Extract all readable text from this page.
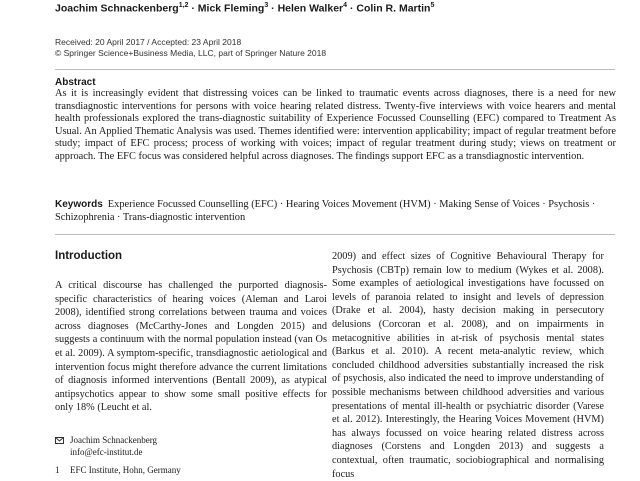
Joachim Schnackenberg$^{1,2}$ · Mick Fleming$^3$ · Helen Walker$^4$ · Colin R. Martin$^5$
Received: 20 April 2017 / Accepted: 23 April 2018
© Springer Science+Business Media, LLC, part of Springer Nature 2018
Abstract
As it is increasingly evident that distressing voices can be linked to traumatic events across diagnoses, there is a need for new transdiagnostic interventions for persons with voice hearing related distress. Twenty-five interviews with voice hearers and mental health professionals explored the trans-diagnostic suitability of Experience Focussed Counselling (EFC) compared to Treatment As Usual. An Applied Thematic Analysis was used. Themes identified were: intervention applicability; impact of regular treatment before study; impact of EFC process; process of working with voices; impact of regular treatment during study; views on treatment or approach. The EFC focus was considered helpful across diagnoses. The findings support EFC as a transdiagnostic intervention.
Keywords Experience Focussed Counselling (EFC) · Hearing Voices Movement (HVM) · Making Sense of Voices · Psychosis · Schizophrenia · Trans-diagnostic intervention
Introduction

A critical discourse has challenged the purported diagnosis-specific characteristics of hearing voices (Aleman and Laroi 2008), identified strong correlations between trauma and voices across diagnoses (McCarthy-Jones and Longden 2015) and suggests a continuum with the normal population instead (van Os et al. 2009). A symptom-specific, transdiagnostic aetiological and intervention focus might therefore advance the current limitations of diagnosis informed interventions (Bentall 2009), as atypical antipsychotics appear to show some small positive effects for only 18% (Leucht et al.

2009) and effect sizes of Cognitive Behavioural Therapy for Psychosis (CBTp) remain low to medium (Wykes et al. 2008). Some examples of aetiological investigations have focussed on levels of paranoia related to insight and levels of depression (Drake et al. 2004), hasty decision making in persecutory delusions (Corcoran et al. 2008), and on impairments in metacognitive abilities in at-risk of psychosis mental states (Barkus et al. 2010). A recent meta-analytic review, which concluded childhood adversities substantially increased the risk of psychosis, also indicated the need to improve understanding of possible mechanisms between childhood adversities and various presentations of mental ill-health or psychiatric disorder (Varese et al. 2012). Interestingly, the Hearing Voices Movement (HVM) has always focussed on voice hearing related distress across diagnoses (Corstens and Longden 2013) and suggests a contextual, often traumatic, sociobiographical and normalising focus

Joachim Schnackenberg
info@efc-institut.de
1 EFC Institute, Hohn, Germany
